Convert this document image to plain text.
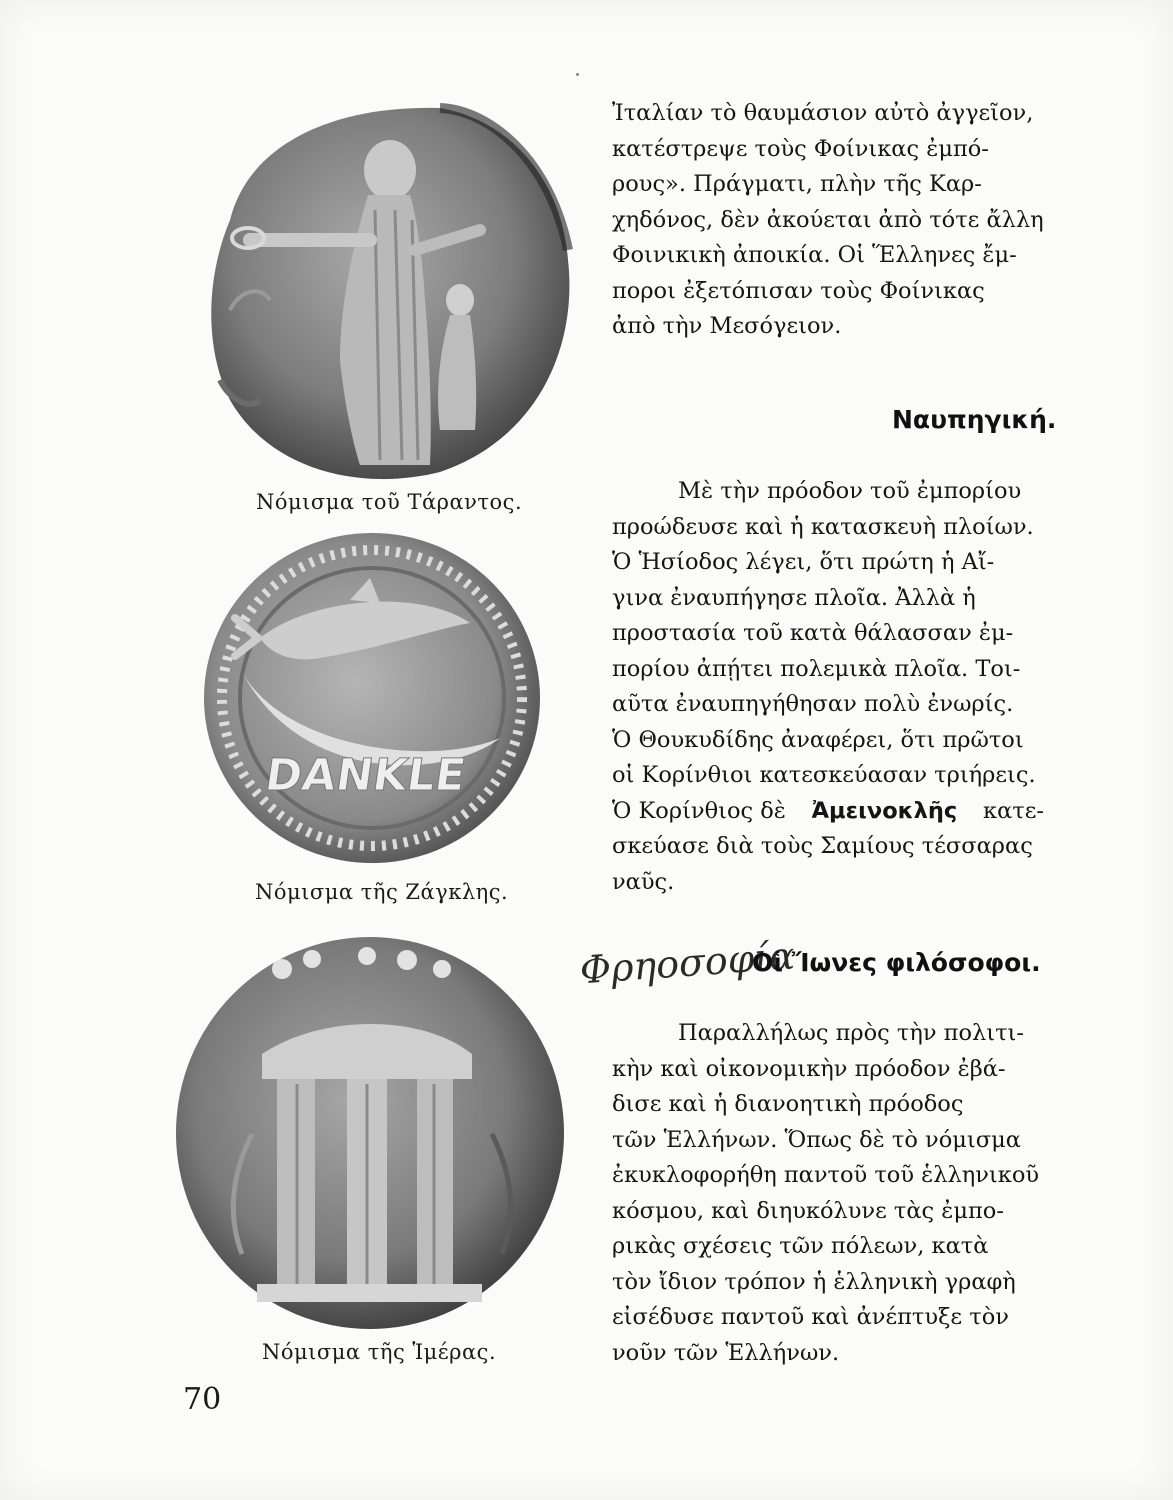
Νόμισμα τοῦ Τάραντος.
DANKLE
Νόμισμα τῆς Ζάγκλης.
Νόμισμα τῆς Ἱμέρας.
Ἰταλίαν τὸ θαυμάσιον αὐτὸ ἀγγεῖον,
κατέστρεψε τοὺς Φοίνικας ἐμπό-
ρους». Πράγματι, πλὴν τῆς Καρ-
χηδόνος, δὲν ἀκούεται ἀπὸ τότε ἄλλη
Φοινικικὴ ἀποικία. Οἱ Ἕλληνες ἔμ-
ποροι ἐξετόπισαν τοὺς Φοίνικας
ἀπὸ τὴν Μεσόγειον.
Ναυπηγική.
Μὲ τὴν πρόοδον τοῦ ἐμπορίου
προώδευσε καὶ ἡ κατασκευὴ πλοίων.
Ὁ Ἡσίοδος λέγει, ὅτι πρώτη ἡ Αἴ-
γινα ἐναυπήγησε πλοῖα. Ἀλλὰ ἡ
προστασία τοῦ κατὰ θάλασσαν ἐμ-
πορίου ἀπῄτει πολεμικὰ πλοῖα. Τοι-
αῦτα ἐναυπηγήθησαν πολὺ ἐνωρίς.
Ὁ Θουκυδίδης ἀναφέρει, ὅτι πρῶτοι
οἱ Κορίνθιοι κατεσκεύασαν τριήρεις.
Ὁ Κορίνθιος δὲ Ἀμεινοκλῆς κατε-
σκεύασε διὰ τοὺς Σαμίους τέσσαρας
ναῦς.
Φρηοσοφία
Οἱ Ἴωνες φιλόσοφοι.
Παραλλήλως πρὸς τὴν πολιτι-
κὴν καὶ οἰκονομικὴν πρόοδον ἐβά-
δισε καὶ ἡ διανοητικὴ πρόοδος
τῶν Ἑλλήνων. Ὅπως δὲ τὸ νόμισμα
ἐκυκλοφορήθη παντοῦ τοῦ ἑλληνικοῦ
κόσμου, καὶ διηυκόλυνε τὰς ἐμπο-
ρικὰς σχέσεις τῶν πόλεων, κατὰ
τὸν ἴδιον τρόπον ἡ ἑλληνικὴ γραφὴ
εἰσέδυσε παντοῦ καὶ ἀνέπτυξε τὸν
νοῦν τῶν Ἑλλήνων.
70
